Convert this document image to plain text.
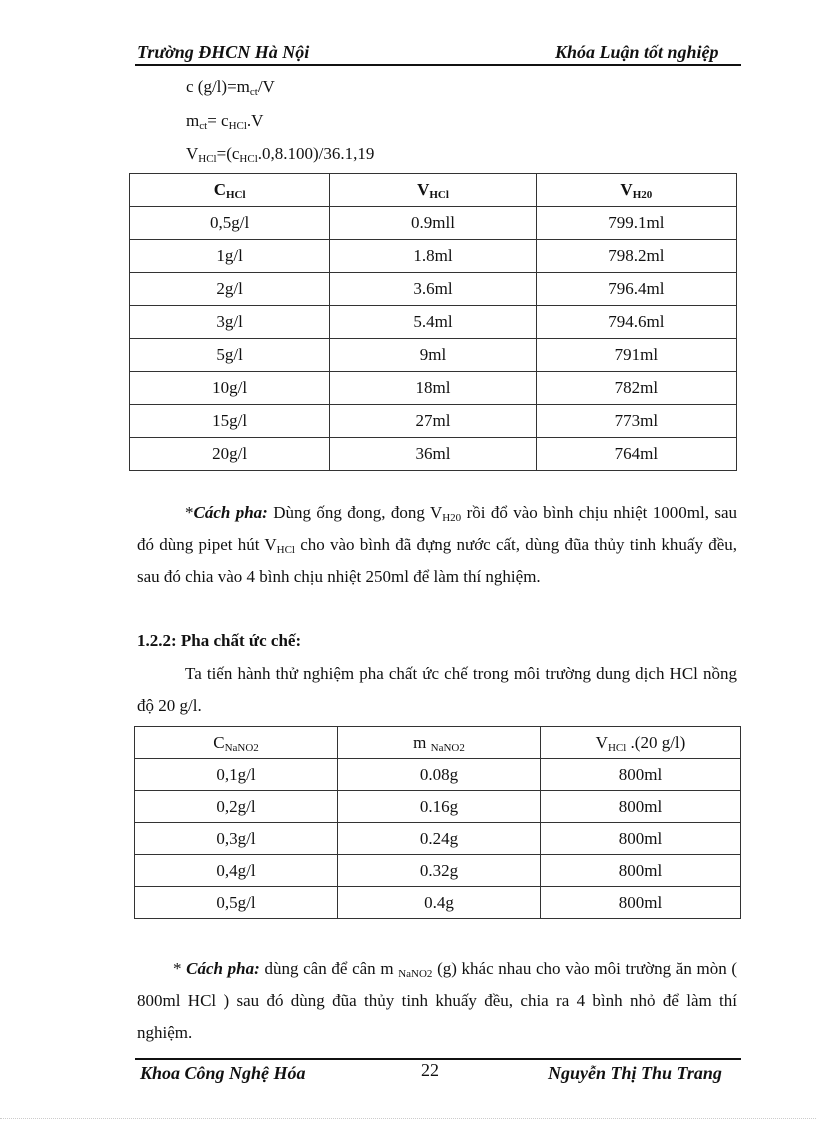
Trường ĐHCN Hà Nội	Khóa Luận tốt nghiệp
c $(g/l)=m_{ct}/V$
$m_{ct}= c_{HCl}.V$
$V_{HCl}=(c_{HCl}.0,8.100)/36.1,19$
$C_{HCl}$	$V_{HCl}$	$V_{H20}$
0,5g/l	0.9mll	799.1ml
1g/l	1.8ml	798.2ml
2g/l	3.6ml	796.4ml
3g/l	5.4ml	794.6ml
5g/l	9ml	791ml
10g/l	18ml	782ml
15g/l	27ml	773ml
20g/l	36ml	764ml
*Cách pha: Dùng ống đong, đong $V_{H20}$ rồi đổ vào bình chịu nhiệt 1000ml, sau đó dùng pipet hút $V_{HCl}$ cho vào bình đã đựng nước cất, dùng đũa thủy tinh khuấy đều, sau đó chia vào 4 bình chịu nhiệt 250ml để làm thí nghiệm.
1.2.2: Pha chất ức chế:
Ta tiến hành thử nghiệm pha chất ức chế trong môi trường dung dịch HCl nồng độ 20 g/l.
$C_{NaNO2}$	m $_{NaNO2}$	$V_{HCl}$ .(20 g/l)
0,1g/l	0.08g	800ml
0,2g/l	0.16g	800ml
0,3g/l	0.24g	800ml
0,4g/l	0.32g	800ml
0,5g/l	0.4g	800ml
* Cách pha: dùng cân để cân m $_{NaNO2}$ (g) khác nhau cho vào môi trường ăn mòn ( 800ml HCl ) sau đó dùng đũa thủy tinh khuấy đều, chia ra 4 bình nhỏ để làm thí nghiệm.
Khoa Công Nghệ Hóa	22	Nguyễn Thị Thu Trang
